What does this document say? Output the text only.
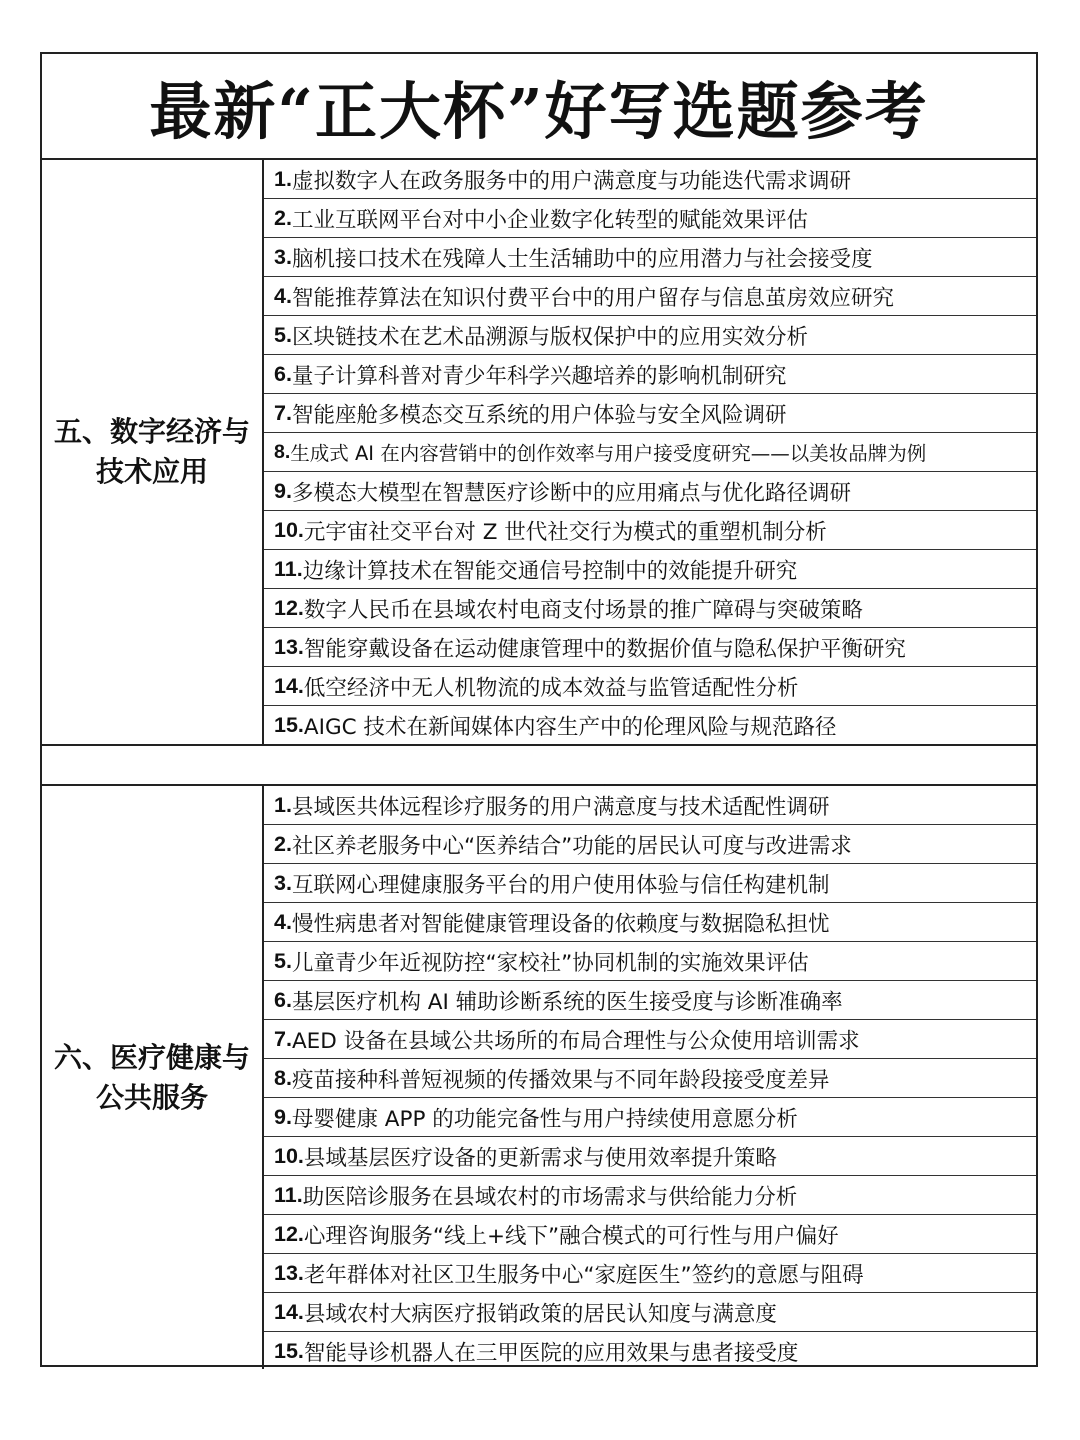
最新“正大杯”好写选题参考
五、数字经济与
技术应用
1. 虚拟数字人在政务服务中的用户满意度与功能迭代需求调研
2. 工业互联网平台对中小企业数字化转型的赋能效果评估
3. 脑机接口技术在残障人士生活辅助中的应用潜力与社会接受度
4. 智能推荐算法在知识付费平台中的用户留存与信息茧房效应研究
5. 区块链技术在艺术品溯源与版权保护中的应用实效分析
6. 量子计算科普对青少年科学兴趣培养的影响机制研究
7. 智能座舱多模态交互系统的用户体验与安全风险调研
8. 生成式 AI 在内容营销中的创作效率与用户接受度研究——以美妆品牌为例
9. 多模态大模型在智慧医疗诊断中的应用痛点与优化路径调研
10. 元宇宙社交平台对 Z 世代社交行为模式的重塑机制分析
11. 边缘计算技术在智能交通信号控制中的效能提升研究
12. 数字人民币在县域农村电商支付场景的推广障碍与突破策略
13. 智能穿戴设备在运动健康管理中的数据价值与隐私保护平衡研究
14. 低空经济中无人机物流的成本效益与监管适配性分析
15. AIGC 技术在新闻媒体内容生产中的伦理风险与规范路径
六、医疗健康与
公共服务
1. 县域医共体远程诊疗服务的用户满意度与技术适配性调研
2. 社区养老服务中心“医养结合”功能的居民认可度与改进需求
3. 互联网心理健康服务平台的用户使用体验与信任构建机制
4. 慢性病患者对智能健康管理设备的依赖度与数据隐私担忧
5. 儿童青少年近视防控“家校社”协同机制的实施效果评估
6. 基层医疗机构 AI 辅助诊断系统的医生接受度与诊断准确率
7. AED 设备在县域公共场所的布局合理性与公众使用培训需求
8. 疫苗接种科普短视频的传播效果与不同年龄段接受度差异
9. 母婴健康 APP 的功能完备性与用户持续使用意愿分析
10. 县域基层医疗设备的更新需求与使用效率提升策略
11. 助医陪诊服务在县域农村的市场需求与供给能力分析
12. 心理咨询服务“线上+线下”融合模式的可行性与用户偏好
13. 老年群体对社区卫生服务中心“家庭医生”签约的意愿与阻碍
14. 县域农村大病医疗报销政策的居民认知度与满意度
15. 智能导诊机器人在三甲医院的应用效果与患者接受度
